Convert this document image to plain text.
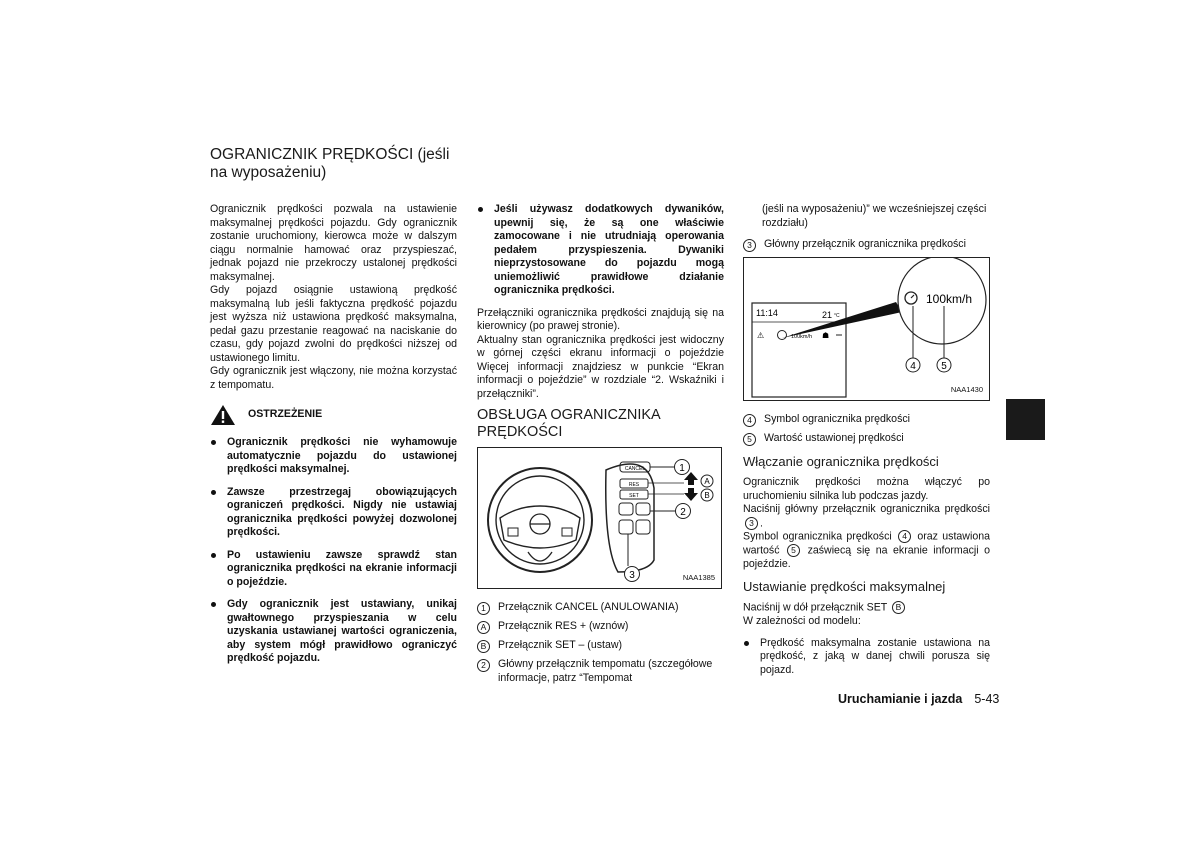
OGRANICZNIK PRĘDKOŚCI (jeśli na wyposażeniu)

Ogranicznik prędkości pozwala na ustawienie maksymalnej prędkości pojazdu. Gdy ogranicznik zostanie uruchomiony, kierowca może w dalszym ciągu normalnie hamować oraz przyspieszać, jednak pojazd nie przekroczy ustalonej prędkości maksymalnej.

Gdy pojazd osiągnie ustawioną prędkość maksymalną lub jeśli faktyczna prędkość pojazdu jest wyższa niż ustawiona prędkość maksymalna, pedał gazu przestanie reagować na naciskanie do czasu, gdy pojazd zwolni do prędkości niższej od ustawionego limitu.

Gdy ogranicznik jest włączony, nie można korzystać z tempomatu.

OSTRZEŻENIE
Ogranicznik prędkości nie wyhamowuje automatycznie pojazdu do ustawionej prędkości maksymalnej.
Zawsze przestrzegaj obowiązujących ograniczeń prędkości. Nigdy nie ustawiaj ogranicznika prędkości powyżej dozwolonej prędkości.
Po ustawieniu zawsze sprawdź stan ogranicznika prędkości na ekranie informacji o pojeździe.
Gdy ogranicznik jest ustawiany, unikaj gwałtownego przyspieszania w celu uzyskania ustawianej wartości ograniczenia, aby system mógł prawidłowo ograniczyć prędkość pojazdu.
Jeśli używasz dodatkowych dywaników, upewnij się, że są one właściwie zamocowane i nie utrudniają operowania pedałem przyspieszenia. Dywaniki nieprzystosowane do pojazdu mogą uniemożliwić prawidłowe działanie ogranicznika prędkości.

Przełączniki ogranicznika prędkości znajdują się na kierownicy (po prawej stronie).

Aktualny stan ogranicznika prędkości jest widoczny w górnej części ekranu informacji o pojeździe Więcej informacji znajdziesz w punkcie “Ekran informacji o pojeździe” w rozdziale “2. Wskaźniki i przełączniki”.

OBSŁUGA OGRANICZNIKA PRĘDKOŚCI
CANCEL
RES
SET
1
A
B
2
3	NAA1385
1	Przełącznik CANCEL (ANULOWANIA)
A	Przełącznik RES + (wznów)
B	Przełącznik SET – (ustaw)
2	Główny przełącznik tempomatu (szczegółowe informacje, patrz “Tempomat

(jeśli na wyposażeniu)” we wcześniejszej części rozdziału)

3	Główny przełącznik ogranicznika prędkości
11:14	21 °C
⚠	100km/h ☗
100km/h
4	5
NAA1430
4	Symbol ogranicznika prędkości
5	Wartość ustawionej prędkości
Włączanie ogranicznika prędkości

Ogranicznik prędkości można włączyć po uruchomieniu silnika lub podczas jazdy.

Naciśnij główny przełącznik ogranicznika prędkości 3 .

Symbol ogranicznika prędkości 4 oraz ustawiona wartość 5 zaświecą się na ekranie informacji o pojeździe.

Ustawianie prędkości maksymalnej

Naciśnij w dół przełącznik SET B

W zależności od modelu:

Prędkość maksymalna zostanie ustawiona na prędkość, z jaką w danej chwili porusza się pojazd.
Uruchamianie i jazda 5-43
